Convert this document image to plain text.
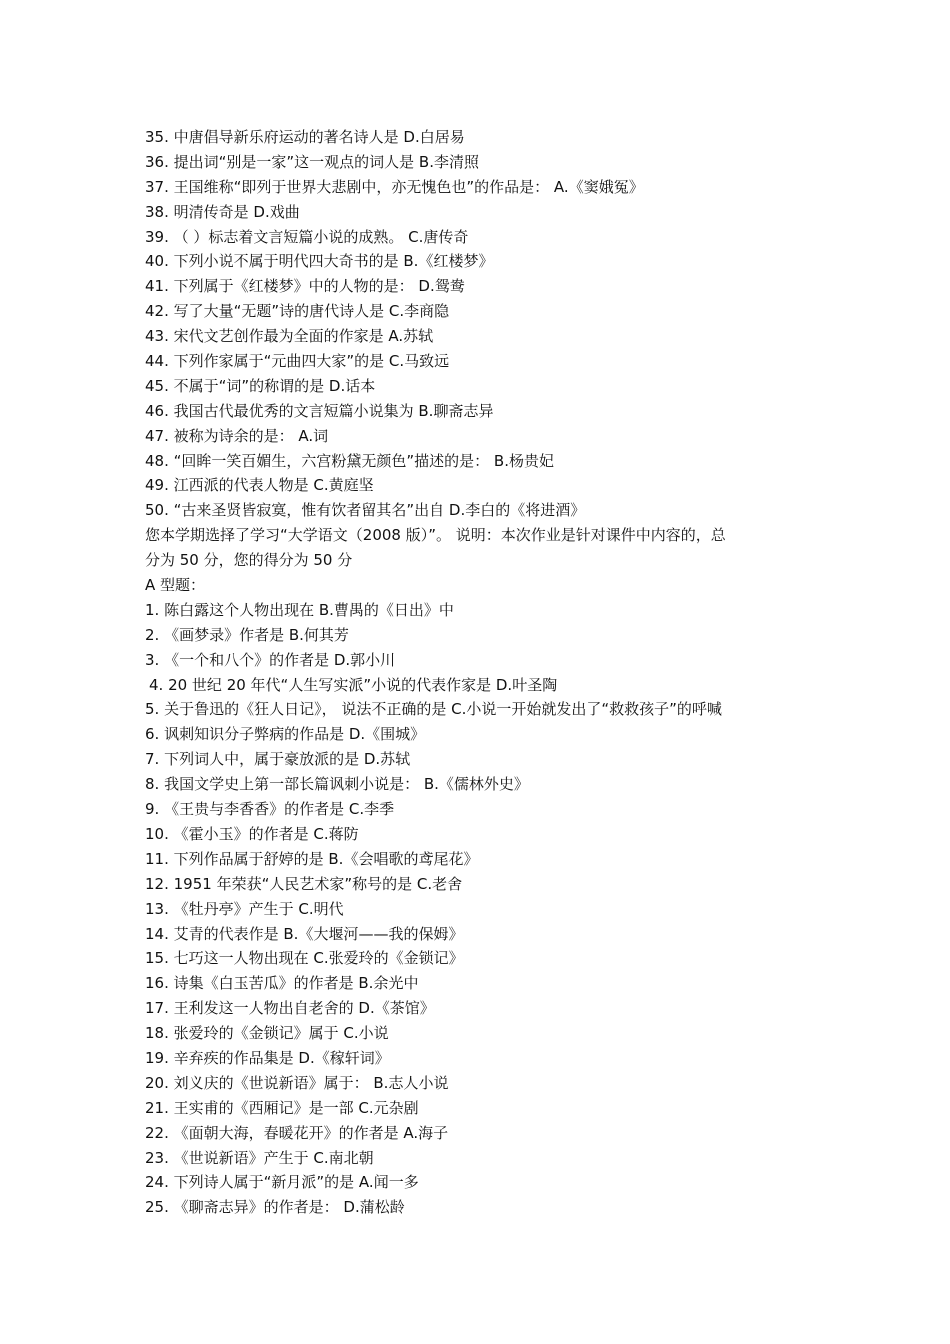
35. 中唐倡导新乐府运动的著名诗人是 D.白居易
36. 提出词“别是一家”这一观点的词人是 B.李清照
37. 王国维称“即列于世界大悲剧中，亦无愧色也”的作品是： A.《窦娥冤》
38. 明清传奇是 D.戏曲
39. （ ）标志着文言短篇小说的成熟。 C.唐传奇
40. 下列小说不属于明代四大奇书的是 B.《红楼梦》
41. 下列属于《红楼梦》中的人物的是： D.鸳鸯
42. 写了大量“无题”诗的唐代诗人是 C.李商隐
43. 宋代文艺创作最为全面的作家是 A.苏轼
44. 下列作家属于“元曲四大家”的是 C.马致远
45. 不属于“词”的称谓的是 D.话本
46. 我国古代最优秀的文言短篇小说集为 B.聊斋志异
47. 被称为诗余的是： A.词
48. “回眸一笑百媚生，六宫粉黛无颜色”描述的是： B.杨贵妃
49. 江西派的代表人物是 C.黄庭坚
50. “古来圣贤皆寂寞，惟有饮者留其名”出自 D.李白的《将进酒》
您本学期选择了学习“大学语文（2008 版）”。 说明：本次作业是针对课件中内容的，总
分为 50 分，您的得分为 50 分
A 型题：
1. 陈白露这个人物出现在 B.曹禺的《日出》中
2. 《画梦录》作者是 B.何其芳
3. 《一个和八个》的作者是 D.郭小川
4. 20 世纪 20 年代“人生写实派”小说的代表作家是 D.叶圣陶
5. 关于鲁迅的《狂人日记》， 说法不正确的是 C.小说一开始就发出了“救救孩子”的呼喊
6. 讽刺知识分子弊病的作品是 D.《围城》
7. 下列词人中，属于豪放派的是 D.苏轼
8. 我国文学史上第一部长篇讽刺小说是： B.《儒林外史》
9. 《王贵与李香香》的作者是 C.李季
10. 《霍小玉》的作者是 C.蒋防
11. 下列作品属于舒婷的是 B.《会唱歌的鸢尾花》
12. 1951 年荣获“人民艺术家”称号的是 C.老舍
13. 《牡丹亭》产生于 C.明代
14. 艾青的代表作是 B.《大堰河——我的保姆》
15. 七巧这一人物出现在 C.张爱玲的《金锁记》
16. 诗集《白玉苦瓜》的作者是 B.余光中
17. 王利发这一人物出自老舍的 D.《茶馆》
18. 张爱玲的《金锁记》属于 C.小说
19. 辛弃疾的作品集是 D.《稼轩词》
20. 刘义庆的《世说新语》属于： B.志人小说
21. 王实甫的《西厢记》是一部 C.元杂剧
22. 《面朝大海，春暖花开》的作者是 A.海子
23. 《世说新语》产生于 C.南北朝
24. 下列诗人属于“新月派”的是 A.闻一多
25. 《聊斋志异》的作者是： D.蒲松龄
